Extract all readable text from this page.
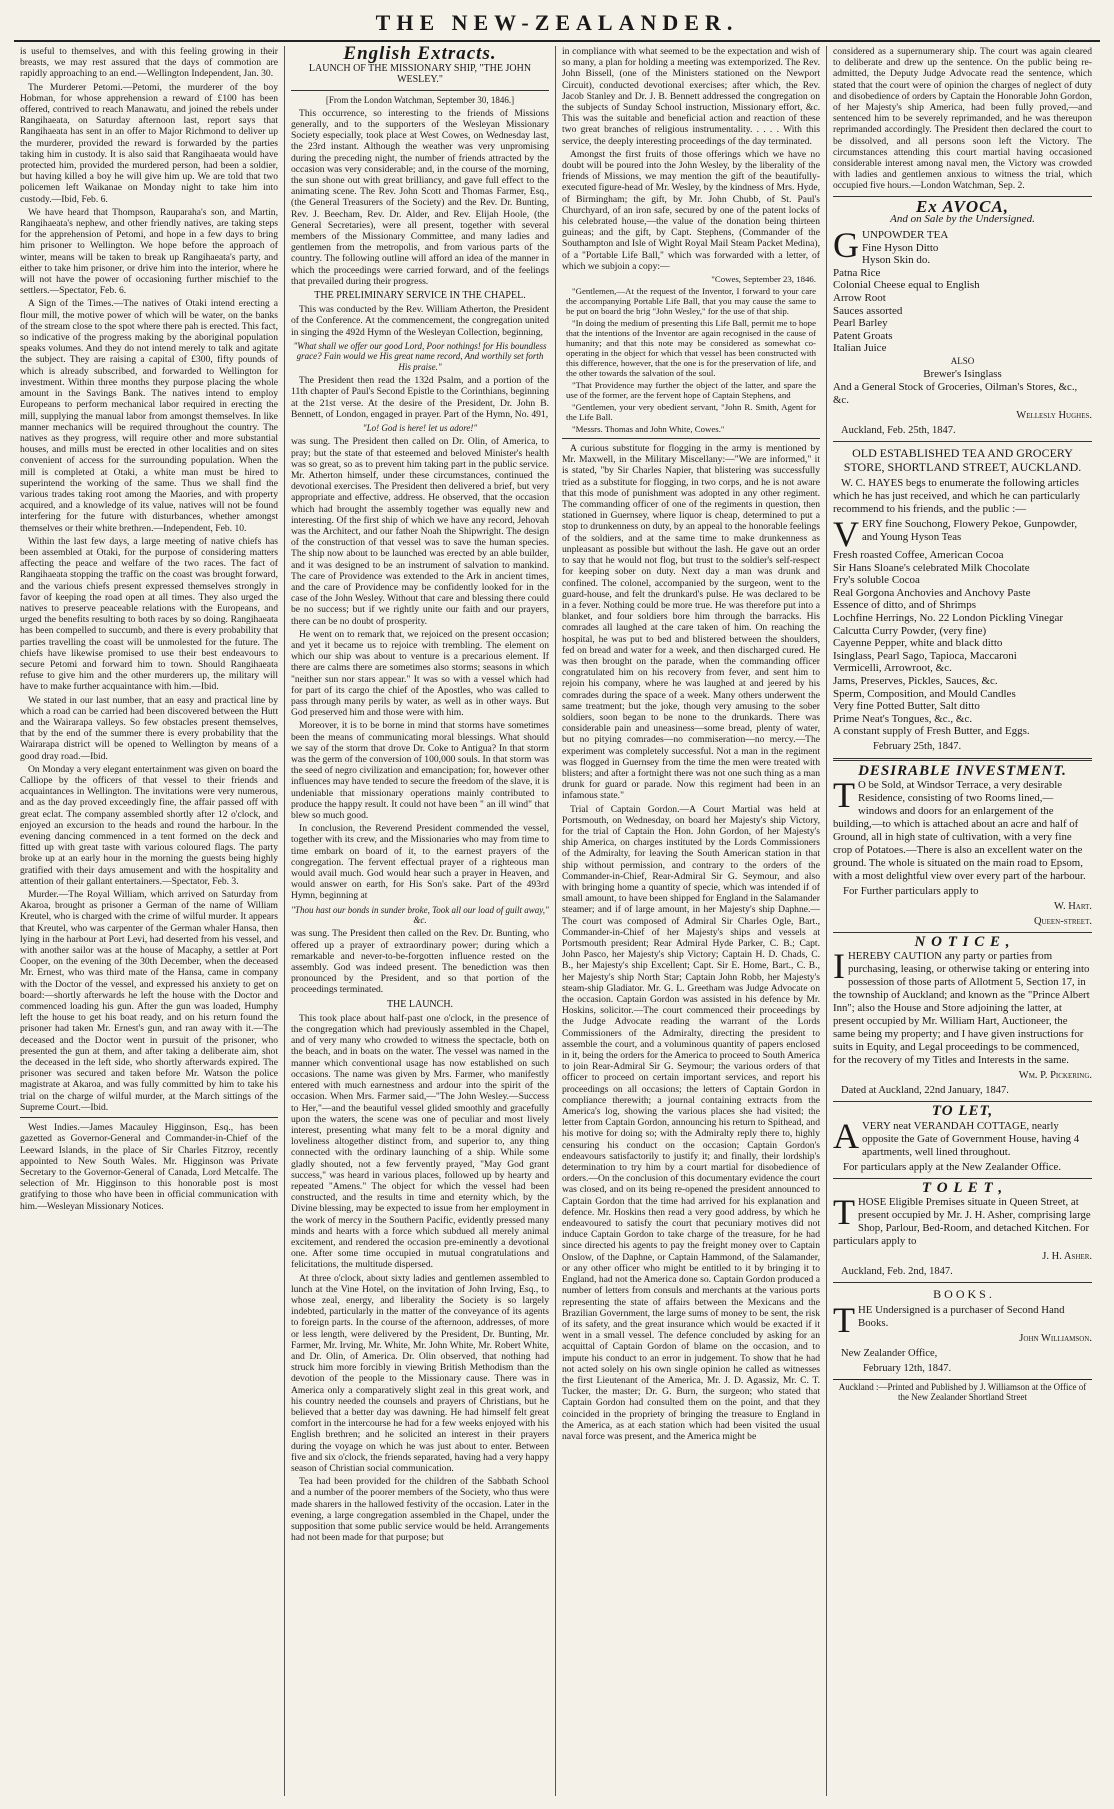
THE NEW-ZEALANDER.

is useful to themselves, and with this feeling growing in their breasts, we may rest assured that the days of commotion are rapidly approaching to an end.—Wellington Independent, Jan. 30.

The Murderer Petomi.—Petomi, the murderer of the boy Hobman, for whose apprehension a reward of £100 has been offered, contrived to reach Manawatu, and joined the rebels under Rangihaeata, on Saturday afternoon last, report says that Rangihaeata has sent in an offer to Major Richmond to deliver up the murderer, provided the reward is forwarded by the parties taking him in custody. It is also said that Rangihaeata would have protected him, provided the murdered person, had been a soldier, but having killed a boy he will give him up. We are told that two policemen left Waikanae on Monday night to take him into custody.—Ibid, Feb. 6.

We have heard that Thompson, Rauparaha's son, and Martin, Rangihaeata's nephew, and other friendly natives, are taking steps for the apprehension of Petomi, and hope in a few days to bring him prisoner to Wellington. We hope before the approach of winter, means will be taken to break up Rangihaeata's party, and either to take him prisoner, or drive him into the interior, where he will not have the power of occasioning further mischief to the settlers.—Spectator, Feb. 6.

A Sign of the Times.—The natives of Otaki intend erecting a flour mill, the motive power of which will be water, on the banks of the stream close to the spot where there pah is erected. This fact, so indicative of the progress making by the aboriginal population speaks volumes. And they do not intend merely to talk and agitate the subject. They are raising a capital of £300, fifty pounds of which is already subscribed, and forwarded to Wellington for investment. Within three months they purpose placing the whole amount in the Savings Bank. The natives intend to employ Europeans to perform mechanical labor required in erecting the mill, supplying the manual labor from amongst themselves. In like manner mechanics will be required throughout the country. The natives as they progress, will require other and more substantial houses, and mills must be erected in other localities and on sites convenient of access for the surrounding population. When the mill is completed at Otaki, a white man must be hired to superintend the working of the same. Thus we shall find the various trades taking root among the Maories, and with property acquired, and a knowledge of its value, natives will not be found interfering for the future with disturbances, whether amongst themselves or their white brethren.—Independent, Feb. 10.

Within the last few days, a large meeting of native chiefs has been assembled at Otaki, for the purpose of considering matters affecting the peace and welfare of the two races. The fact of Rangihaeata stopping the traffic on the coast was brought forward, and the various chiefs present expressed themselves strongly in favor of keeping the road open at all times. They also urged the natives to preserve peaceable relations with the Europeans, and urged the benefits resulting to both races by so doing. Rangihaeata has been compelled to succumb, and there is every probability that parties travelling the coast will be unmolested for the future. The chiefs have likewise promised to use their best endeavours to secure Petomi and forward him to town. Should Rangihaeata refuse to give him and the other murderers up, the military will have to make further acquaintance with him.—Ibid.

We stated in our last number, that an easy and practical line by which a road can be carried had been discovered between the Hutt and the Wairarapa valleys. So few obstacles present themselves, that by the end of the summer there is every probability that the Wairarapa district will be opened to Wellington by means of a good dray road.—Ibid.

On Monday a very elegant entertainment was given on board the Calliope by the officers of that vessel to their friends and acquaintances in Wellington. The invitations were very numerous, and as the day proved exceedingly fine, the affair passed off with great eclat. The company assembled shortly after 12 o'clock, and enjoyed an excursion to the heads and round the harbour. In the evening dancing commenced in a tent formed on the deck and fitted up with great taste with various coloured flags. The party broke up at an early hour in the morning the guests being highly gratified with their days amusement and with the hospitality and attention of their gallant entertainers.—Spectator, Feb. 3.

Murder.—The Royal William, which arrived on Saturday from Akaroa, brought as prisoner a German of the name of William Kreutel, who is charged with the crime of wilful murder. It appears that Kreutel, who was carpenter of the German whaler Hansa, then lying in the harbour at Port Levi, had deserted from his vessel, and with another sailor was at the house of Macaphy, a settler at Port Cooper, on the evening of the 30th December, when the deceased Mr. Ernest, who was third mate of the Hansa, came in company with the Doctor of the vessel, and expressed his anxiety to get on board:—shortly afterwards he left the house with the Doctor and commenced loading his gun. After the gun was loaded, Humphy left the house to get his boat ready, and on his return found the prisoner had taken Mr. Ernest's gun, and ran away with it.—The deceased and the Doctor went in pursuit of the prisoner, who presented the gun at them, and after taking a deliberate aim, shot the deceased in the left side, who shortly afterwards expired. The prisoner was secured and taken before Mr. Watson the police magistrate at Akaroa, and was fully committed by him to take his trial on the charge of wilful murder, at the March sittings of the Supreme Court.—Ibid.

West Indies.—James Macauley Higginson, Esq., has been gazetted as Governor-General and Commander-in-Chief of the Leeward Islands, in the place of Sir Charles Fitzroy, recently appointed to New South Wales. Mr. Higginson was Private Secretary to the Governor-General of Canada, Lord Metcalfe. The selection of Mr. Higginson to this honorable post is most gratifying to those who have been in official communication with him.—Wesleyan Missionary Notices.

English Extracts.
LAUNCH OF THE MISSIONARY SHIP, "THE JOHN WESLEY."

[From the London Watchman, September 30, 1846.]

This occurrence, so interesting to the friends of Missions generally, and to the supporters of the Wesleyan Missionary Society especially, took place at West Cowes, on Wednesday last, the 23rd instant. Although the weather was very unpromising during the preceding night, the number of friends attracted by the occasion was very considerable; and, in the course of the morning, the sun shone out with great brilliancy, and gave full effect to the animating scene. The Rev. John Scott and Thomas Farmer, Esq., (the General Treasurers of the Society) and the Rev. Dr. Bunting, Rev. J. Beecham, Rev. Dr. Alder, and Rev. Elijah Hoole, (the General Secretaries), were all present, together with several members of the Missionary Committee, and many ladies and gentlemen from the metropolis, and from various parts of the country. The following outline will afford an idea of the manner in which the proceedings were carried forward, and of the feelings that prevailed during their progress.

THE PRELIMINARY SERVICE IN THE CHAPEL.

This was conducted by the Rev. William Atherton, the President of the Conference. At the commencement, the congregation united in singing the 492d Hymn of the Wesleyan Collection, beginning,

"What shall we offer our good Lord, Poor nothings! for His boundless grace? Fain would we His great name record, And worthily set forth His praise."

The President then read the 132d Psalm, and a portion of the 11th chapter of Paul's Second Epistle to the Corinthians, beginning at the 21st verse. At the desire of the President, Dr. John B. Bennett, of London, engaged in prayer. Part of the Hymn, No. 491,

"Lo! God is here! let us adore!"

was sung. The President then called on Dr. Olin, of America, to pray; but the state of that esteemed and beloved Minister's health was so great, so as to prevent him taking part in the public service. Mr. Atherton himself, under these circumstances, continued the devotional exercises. The President then delivered a brief, but very appropriate and effective, address. He observed, that the occasion which had brought the assembly together was equally new and interesting. Of the first ship of which we have any record, Jehovah was the Architect, and our father Noah the Shipwright. The design of the construction of that vessel was to save the human species. The ship now about to be launched was erected by an able builder, and it was designed to be an instrument of salvation to mankind. The care of Providence was extended to the Ark in ancient times, and the care of Providence may be confidently looked for in the case of the John Wesley. Without that care and blessing there could be no success; but if we rightly unite our faith and our prayers, there can be no doubt of prosperity.

He went on to remark that, we rejoiced on the present occasion; and yet it became us to rejoice with trembling. The element on which our ship was about to venture is a precarious element. If there are calms there are sometimes also storms; seasons in which "neither sun nor stars appear." It was so with a vessel which had for part of its cargo the chief of the Apostles, who was called to pass through many perils by water, as well as in other ways. But God preserved him and those were with him.

Moreover, it is to be borne in mind that storms have sometimes been the means of communicating moral blessings. What should we say of the storm that drove Dr. Coke to Antigua? In that storm was the germ of the conversion of 100,000 souls. In that storm was the seed of negro civilization and emancipation; for, however other influences may have tended to secure the freedom of the slave, it is undeniable that missionary operations mainly contributed to produce the happy result. It could not have been " an ill wind" that blew so much good.

In conclusion, the Reverend President commended the vessel, together with its crew, and the Missionaries who may from time to time embark on board of it, to the earnest prayers of the congregation. The fervent effectual prayer of a righteous man would avail much. God would hear such a prayer in Heaven, and would answer on earth, for His Son's sake. Part of the 493rd Hymn, beginning at

"Thou hast our bonds in sunder broke, Took all our load of guilt away," &c.

was sung. The President then called on the Rev. Dr. Bunting, who offered up a prayer of extraordinary power; during which a remarkable and never-to-be-forgotten influence rested on the assembly. God was indeed present. The benediction was then pronounced by the President, and so that portion of the proceedings terminated.

THE LAUNCH.

This took place about half-past one o'clock, in the presence of the congregation which had previously assembled in the Chapel, and of very many who crowded to witness the spectacle, both on the beach, and in boats on the water. The vessel was named in the manner which conventional usage has now established on such occasions. The name was given by Mrs. Farmer, who manifestly entered with much earnestness and ardour into the spirit of the occasion. When Mrs. Farmer said,—"The John Wesley.—Success to Her,"—and the beautiful vessel glided smoothly and gracefully upon the waters, the scene was one of peculiar and most lively interest, presenting what many felt to be a moral dignity and loveliness altogether distinct from, and superior to, any thing connected with the ordinary launching of a ship. While some gladly shouted, not a few fervently prayed, "May God grant success," was heard in various places, followed up by hearty and repeated "Amens." The object for which the vessel had been constructed, and the results in time and eternity which, by the Divine blessing, may be expected to issue from her employment in the work of mercy in the Southern Pacific, evidently pressed many minds and hearts with a force which subdued all merely animal excitement, and rendered the occasion pre-eminently a devotional one. After some time occupied in mutual congratulations and felicitations, the multitude dispersed.

At three o'clock, about sixty ladies and gentlemen assembled to lunch at the Vine Hotel, on the invitation of John Irving, Esq., to whose zeal, energy, and liberality the Society is so largely indebted, particularly in the matter of the conveyance of its agents to foreign parts. In the course of the afternoon, addresses, of more or less length, were delivered by the President, Dr. Bunting, Mr. Farmer, Mr. Irving, Mr. White, Mr. John White, Mr. Robert White, and Dr. Olin, of America. Dr. Olin observed, that nothing had struck him more forcibly in viewing British Methodism than the devotion of the people to the Missionary cause. There was in America only a comparatively slight zeal in this great work, and his country needed the counsels and prayers of Christians, but he believed that a better day was dawning. He had himself felt great comfort in the intercourse he had for a few weeks enjoyed with his English brethren; and he solicited an interest in their prayers during the voyage on which he was just about to enter. Between five and six o'clock, the friends separated, having had a very happy season of Christian social communication.

Tea had been provided for the children of the Sabbath School and a number of the poorer members of the Society, who thus were made sharers in the hallowed festivity of the occasion. Later in the evening, a large congregation assembled in the Chapel, under the supposition that some public service would be held. Arrangements had not been made for that purpose; but

in compliance with what seemed to be the expectation and wish of so many, a plan for holding a meeting was extemporized. The Rev. John Bissell, (one of the Ministers stationed on the Newport Circuit), conducted devotional exercises; after which, the Rev. Jacob Stanley and Dr. J. B. Bennett addressed the congregation on the subjects of Sunday School instruction, Missionary effort, &c. This was the suitable and beneficial action and reaction of these two great branches of religious instrumentality. . . . . With this service, the deeply interesting proceedings of the day terminated.

Amongst the first fruits of those offerings which we have no doubt will be poured into the John Wesley, by the liberality of the friends of Missions, we may mention the gift of the beautifully-executed figure-head of Mr. Wesley, by the kindness of Mrs. Hyde, of Birmingham; the gift, by Mr. John Chubb, of St. Paul's Churchyard, of an iron safe, secured by one of the patent locks of his celebrated house,—the value of the donation being thirteen guineas; and the gift, by Capt. Stephens, (Commander of the Southampton and Isle of Wight Royal Mail Steam Packet Medina), of a "Portable Life Ball," which was forwarded with a letter, of which we subjoin a copy:—

"Cowes, September 23, 1846.

"Gentlemen,—At the request of the Inventor, I forward to your care the accompanying Portable Life Ball, that you may cause the same to be put on board the brig "John Wesley," for the use of that ship.

"In doing the medium of presenting this Life Ball, permit me to hope that the intentions of the Inventor are again recognised in the cause of humanity; and that this note may be considered as somewhat co-operating in the object for which that vessel has been constructed with this difference, however, that the one is for the preservation of life, and the other towards the salvation of the soul.

"That Providence may further the object of the latter, and spare the use of the former, are the fervent hope of Captain Stephens, and

"Gentlemen, your very obedient servant, "John R. Smith, Agent for the Life Ball.

"Messrs. Thomas and John White, Cowes."

A curious substitute for flogging in the army is mentioned by Mr. Maxwell, in the Military Miscellany:—"We are informed," it is stated, "by Sir Charles Napier, that blistering was successfully tried as a substitute for flogging, in two corps, and he is not aware that this mode of punishment was adopted in any other regiment. The commanding officer of one of the regiments in question, then stationed in Guernsey, where liquor is cheap, determined to put a stop to drunkenness on duty, by an appeal to the honorable feelings of the soldiers, and at the same time to make drunkenness as unpleasant as possible but without the lash. He gave out an order to say that he would not flog, but trust to the soldier's self-respect for keeping sober on duty. Next day a man was drunk and confined. The colonel, accompanied by the surgeon, went to the guard-house, and felt the drunkard's pulse. He was declared to be in a fever. Nothing could be more true. He was therefore put into a blanket, and four soldiers bore him through the barracks. His comrades all laughed at the care taken of him. On reaching the hospital, he was put to bed and blistered between the shoulders, fed on bread and water for a week, and then discharged cured. He was then brought on the parade, when the commanding officer congratulated him on his recovery from fever, and sent him to rejoin his company, where he was laughed at and jeered by his comrades during the space of a week. Many others underwent the same treatment; but the joke, though very amusing to the sober soldiers, soon began to be none to the drunkards. There was considerable pain and uneasiness—some bread, plenty of water, but no pitying comrades—no commiseration—no mercy.—The experiment was completely successful. Not a man in the regiment was flogged in Guernsey from the time the men were treated with blisters; and after a fortnight there was not one such thing as a man drunk for guard or parade. Now this regiment had been in an infamous state."

Trial of Captain Gordon.—A Court Martial was held at Portsmouth, on Wednesday, on board her Majesty's ship Victory, for the trial of Captain the Hon. John Gordon, of her Majesty's ship America, on charges instituted by the Lords Commissioners of the Admiralty, for leaving the South American station in that ship without permission, and contrary to the orders of the Commander-in-Chief, Rear-Admiral Sir G. Seymour, and also with bringing home a quantity of specie, which was intended if of small amount, to have been shipped for England in the Salamander steamer; and if of large amount, in her Majesty's ship Daphne.—The court was composed of Admiral Sir Charles Ogle, Bart., Commander-in-Chief of her Majesty's ships and vessels at Portsmouth president; Rear Admiral Hyde Parker, C. B.; Capt. John Pasco, her Majesty's ship Victory; Captain H. D. Chads, C. B., her Majesty's ship Excellent; Capt. Sir E. Home, Bart., C. B., her Majesty's ship North Star; Captain John Robb, her Majesty's steam-ship Gladiator. Mr. G. L. Greetham was Judge Advocate on the occasion. Captain Gordon was assisted in his defence by Mr. Hoskins, solicitor.—The court commenced their proceedings by the Judge Advocate reading the warrant of the Lords Commissioners of the Admiralty, directing the president to assemble the court, and a voluminous quantity of papers enclosed in it, being the orders for the America to proceed to South America to join Rear-Admiral Sir G. Seymour; the various orders of that officer to proceed on certain important services, and report his proceedings on all occasions; the letters of Captain Gordon in compliance therewith; a journal containing extracts from the America's log, showing the various places she had visited; the letter from Captain Gordon, announcing his return to Spithead, and his motive for doing so; with the Admiralty reply there to, highly censuring his conduct on the occasion; Captain Gordon's endeavours satisfactorily to justify it; and finally, their lordship's determination to try him by a court martial for disobedience of orders.—On the conclusion of this documentary evidence the court was closed, and on its being re-opened the president announced to Captain Gordon that the time had arrived for his explanation and defence. Mr. Hoskins then read a very good address, by which he endeavoured to satisfy the court that pecuniary motives did not induce Captain Gordon to take charge of the treasure, for he had since directed his agents to pay the freight money over to Captain Onslow, of the Daphne, or Captain Hammond, of the Salamander, or any other officer who might be entitled to it by bringing it to England, had not the America done so. Captain Gordon produced a number of letters from consuls and merchants at the various ports representing the state of affairs between the Mexicans and the Brazilian Government, the large sums of money to be sent, the risk of its safety, and the great insurance which would be exacted if it went in a small vessel. The defence concluded by asking for an acquittal of Captain Gordon of blame on the occasion, and to impute his conduct to an error in judgement. To show that he had not acted solely on his own single opinion he called as witnesses the first Lieutenant of the America, Mr. J. D. Agassiz, Mr. C. T. Tucker, the master; Dr. G. Burn, the surgeon; who stated that Captain Gordon had consulted them on the point, and that they coincided in the propriety of bringing the treasure to England in the America, as at each station which had been visited the usual naval force was present, and the America might be

considered as a supernumerary ship. The court was again cleared to deliberate and drew up the sentence. On the public being re-admitted, the Deputy Judge Advocate read the sentence, which stated that the court were of opinion the charges of neglect of duty and disobedience of orders by Captain the Honorable John Gordon, of her Majesty's ship America, had been fully proved,—and sentenced him to be severely reprimanded, and he was thereupon reprimanded accordingly. The President then declared the court to be dissolved, and all persons soon left the Victory. The circumstances attending this court martial having occasioned considerable interest among naval men, the Victory was crowded with ladies and gentlemen anxious to witness the trial, which occupied five hours.—London Watchman, Sep. 2.

Ex AVOCA,
And on Sale by the Undersigned.
G UNPOWDER TEA
Fine Hyson Ditto
Hyson Skin do.
Patna Rice
Colonial Cheese equal to English
Arrow Root
Sauces assorted
Pearl Barley
Patent Groats
Italian Juice
ALSO
Brewer's Isinglass

And a General Stock of Groceries, Oilman's Stores, &c., &c.

Wellesly Hughes.
Auckland, Feb. 25th, 1847.
OLD ESTABLISHED TEA AND GROCERY STORE, SHORTLAND STREET, AUCKLAND.

W. C. HAYES begs to enumerate the following articles which he has just received, and which he can particularly recommend to his friends, and the public :—

V ERY fine Souchong, Flowery Pekoe, Gunpowder, and Young Hyson Teas

Fresh roasted Coffee, American Cocoa
Sir Hans Sloane's celebrated Milk Chocolate
Fry's soluble Cocoa
Real Gorgona Anchovies and Anchovy Paste
Essence of ditto, and of Shrimps
Lochfine Herrings, No. 22 London Pickling Vinegar
Calcutta Curry Powder, (very fine)
Cayenne Pepper, white and black ditto
Isinglass, Pearl Sago, Tapioca, Maccaroni
Vermicelli, Arrowroot, &c.
Jams, Preserves, Pickles, Sauces, &c.
Sperm, Composition, and Mould Candles
Very fine Potted Butter, Salt ditto
Prime Neat's Tongues, &c., &c.
A constant supply of Fresh Butter, and Eggs.
February 25th, 1847.
DESIRABLE INVESTMENT.
T O be Sold, at Windsor Terrace, a very desirable Residence, consisting of two Rooms lined,—windows and doors for an enlargement of the building,—to which is attached about an acre and half of Ground, all in high state of cultivation, with a very fine crop of Potatoes.—There is also an excellent water on the ground. The whole is situated on the main road to Epsom, with a most delightful view over every part of the harbour.

For Further particulars apply to

W. Hart.
Queen-street.
N O T I C E ,
I HEREBY CAUTION any party or parties from purchasing, leasing, or otherwise taking or entering into possession of those parts of Allotment 5, Section 17, in the township of Auckland; and known as the "Prince Albert Inn"; also the House and Store adjoining the latter, at present occupied by Mr. William Hart, Auctioneer, the same being my property; and I have given instructions for suits in Equity, and Legal proceedings to be commenced, for the recovery of my Titles and Interests in the same.

Wm. P. Pickering.
Dated at Auckland, 22nd January, 1847.
TO LET,
A VERY neat VERANDAH COTTAGE, nearly opposite the Gate of Government House, having 4 apartments, well lined throughout.

For particulars apply at the New Zealander Office.

T O L E T ,
T HOSE Eligible Premises situate in Queen Street, at present occupied by Mr. J. H. Asher, comprising large Shop, Parlour, Bed-Room, and detached Kitchen. For particulars apply to

J. H. Asher.
Auckland, Feb. 2nd, 1847.
B O O K S .
T HE Undersigned is a purchaser of Second Hand Books.

John Williamson.
New Zealander Office,
February 12th, 1847.
Auckland :—Printed and Published by J. Williamson at the Office of the New Zealander Shortland Street
